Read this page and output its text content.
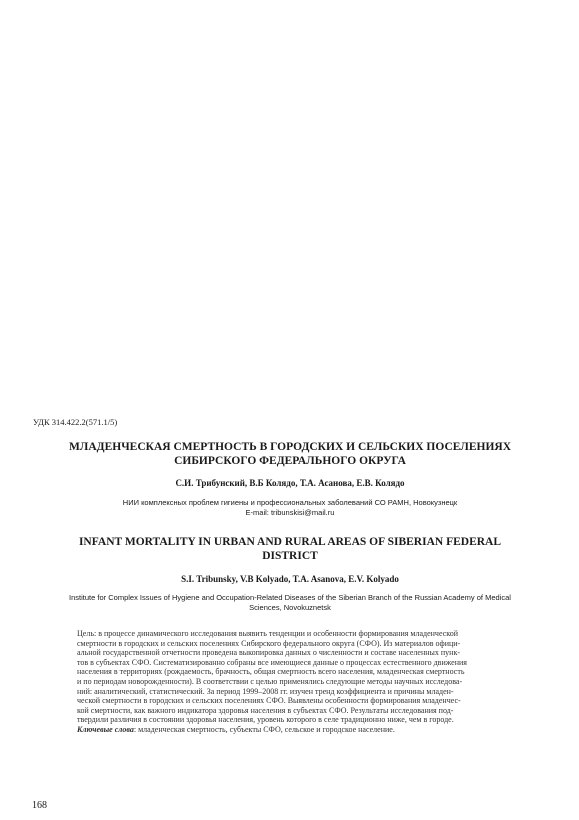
УДК 314.422.2(571.1/5)
МЛАДЕНЧЕСКАЯ СМЕРТНОСТЬ В ГОРОДСКИХ И СЕЛЬСКИХ ПОСЕЛЕНИЯХ
СИБИРСКОГО ФЕДЕРАЛЬНОГО ОКРУГА
С.И. Трибунский, В.Б Колядо, Т.А. Асанова, Е.В. Колядо
НИИ комплексных проблем гигиены и профессиональных заболеваний СО РАМН, Новокузнецк
E-mail: tribunskisi@mail.ru
INFANT MORTALITY IN URBAN AND RURAL AREAS OF SIBERIAN FEDERAL
DISTRICT
S.I. Tribunsky, V.B Kolyado, T.A. Asanova, E.V. Kolyado
Institute for Complex Issues of Hygiene and Occupation-Related Diseases of the Siberian Branch of the Russian Academy of Medical
Sciences, Novokuznetsk

Цель: в процессе динамического исследования выявить тенденции и особенности формирования младенческой

смертности в городских и сельских поселениях Сибирского федерального округа (СФО). Из материалов офици-

альной государственной отчетности проведена выкопировка данных о численности и составе населенных пунк-

тов в субъектах СФО. Систематизированно собраны все имеющиеся данные о процессах естественного движения

населения в территориях (рождаемость, брачность, общая смертность всего населения, младенческая смертность

и по периодам новорожденности). В соответствии с целью применялись следующие методы научных исследова-

ний: аналитический, статистический. За период 1999–2008 гг. изучен тренд коэффициента и причины младен-

ческой смертности в городских и сельских поселениях СФО. Выявлены особенности формирования младенчес-

кой смертности, как важного индикатора здоровья населения в субъектах СФО. Результаты исследования под-

твердили различия в состоянии здоровья населения, уровень которого в селе традиционно ниже, чем в городе.

Ключевые слова: младенческая смертность, субъекты СФО, сельское и городское население.

168
